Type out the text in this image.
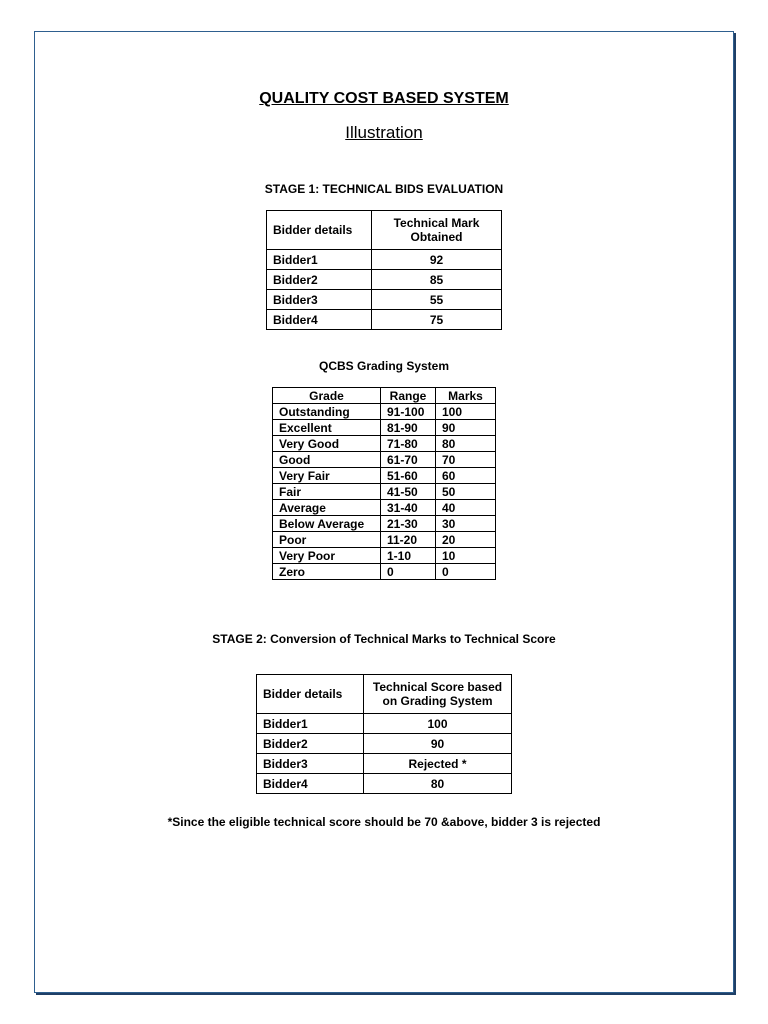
QUALITY COST BASED SYSTEM
Illustration
STAGE 1: TECHNICAL BIDS EVALUATION
Bidder details	Technical Mark Obtained
Bidder1	92
Bidder2	85
Bidder3	55
Bidder4	75
QCBS Grading System
Grade	Range	Marks
Outstanding	91-100	100
Excellent	81-90	90
Very Good	71-80	80
Good	61-70	70
Very Fair	51-60	60
Fair	41-50	50
Average	31-40	40
Below Average	21-30	30
Poor	11-20	20
Very Poor	1-10	10
Zero	0	0
STAGE 2: Conversion of Technical Marks to Technical Score
Bidder details	Technical Score based on Grading System
Bidder1	100
Bidder2	90
Bidder3	Rejected *
Bidder4	80
*Since the eligible technical score should be 70 &above, bidder 3 is rejected
